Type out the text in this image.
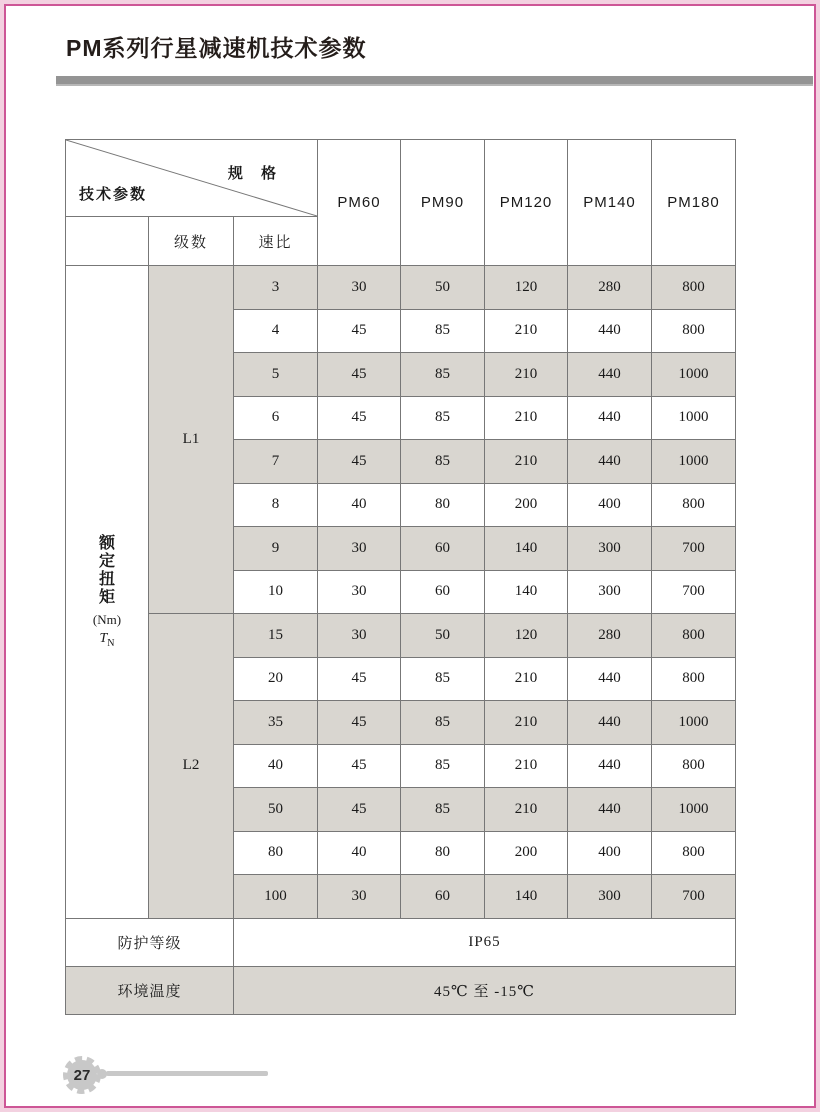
PM系列行星减速机技术参数
规 格
技术参数			PM60	PM90	PM120	PM140	PM180
	级数	速比					

额
定
扭
矩
(Nm)
$T_N$
	L1	3	30	50	120	280	800
		4	45	85	210	440	800
		5	45	85	210	440	1000
		6	45	85	210	440	1000
		7	45	85	210	440	1000
		8	40	80	200	400	800
		9	30	60	140	300	700
		10	30	60	140	300	700
	L2	15	30	50	120	280	800
		20	45	85	210	440	800
		35	45	85	210	440	1000
		40	45	85	210	440	800
		50	45	85	210	440	1000
		80	40	80	200	400	800
		100	30	60	140	300	700
防护等级		IP65					
环境温度		45℃ 至 -15℃					
27
